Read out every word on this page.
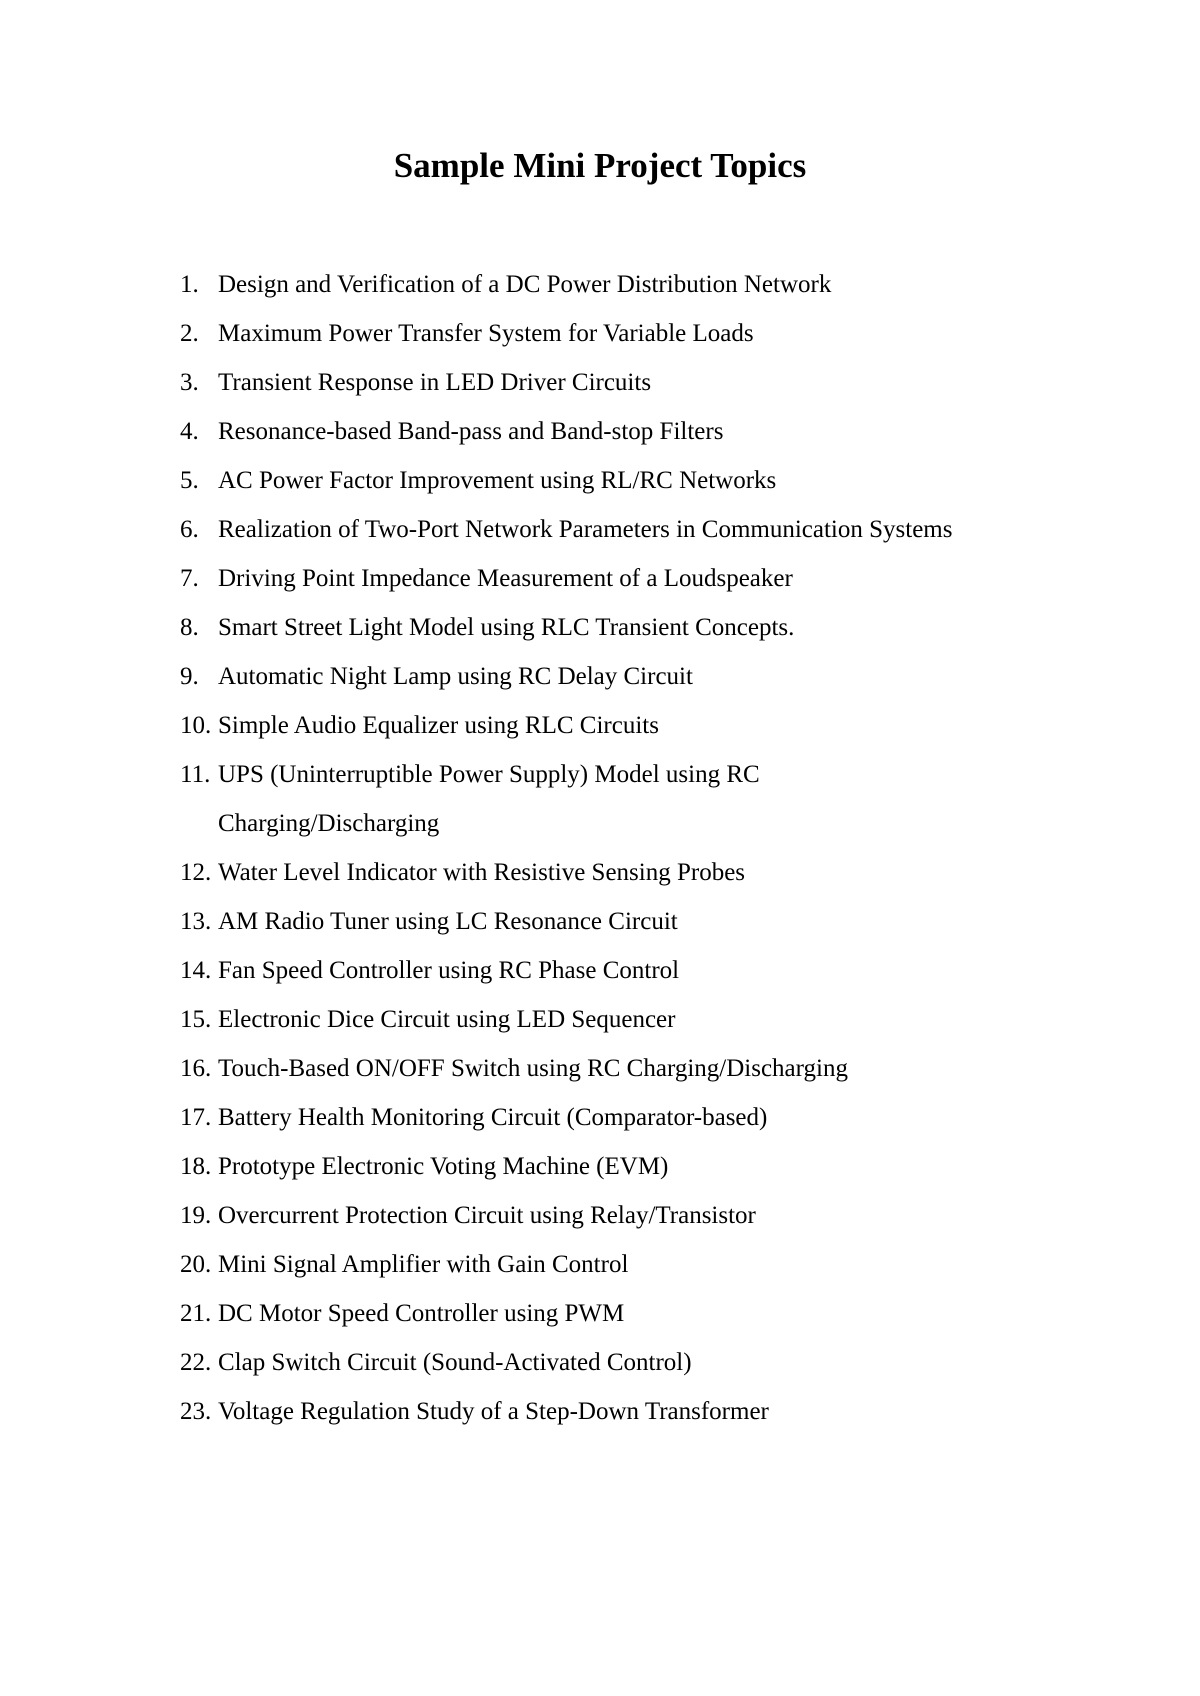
Sample Mini Project Topics
1. Design and Verification of a DC Power Distribution Network
2. Maximum Power Transfer System for Variable Loads
3. Transient Response in LED Driver Circuits
4. Resonance-based Band-pass and Band-stop Filters
5. AC Power Factor Improvement using RL/RC Networks
6. Realization of Two-Port Network Parameters in Communication Systems
7. Driving Point Impedance Measurement of a Loudspeaker
8. Smart Street Light Model using RLC Transient Concepts.
9. Automatic Night Lamp using RC Delay Circuit
10. Simple Audio Equalizer using RLC Circuits
11. UPS (Uninterruptible Power Supply) Model using RC Charging/Discharging
12. Water Level Indicator with Resistive Sensing Probes
13. AM Radio Tuner using LC Resonance Circuit
14. Fan Speed Controller using RC Phase Control
15. Electronic Dice Circuit using LED Sequencer
16. Touch-Based ON/OFF Switch using RC Charging/Discharging
17. Battery Health Monitoring Circuit (Comparator-based)
18. Prototype Electronic Voting Machine (EVM)
19. Overcurrent Protection Circuit using Relay/Transistor
20. Mini Signal Amplifier with Gain Control
21. DC Motor Speed Controller using PWM
22. Clap Switch Circuit (Sound-Activated Control)
23. Voltage Regulation Study of a Step-Down Transformer
